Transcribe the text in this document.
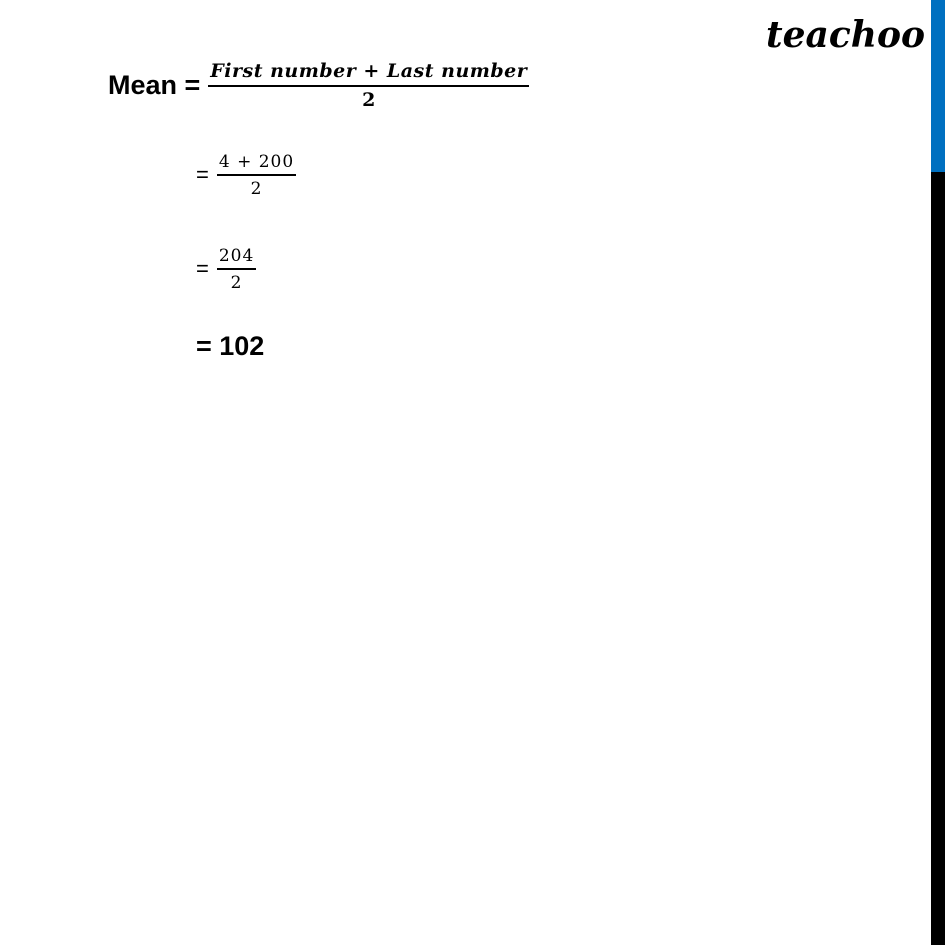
teachoo
Mean = $\frac{\text{First number + Last number}}{2}$
= $\frac{4 + 200}{2}$
= $\frac{204}{2}$
= 102
